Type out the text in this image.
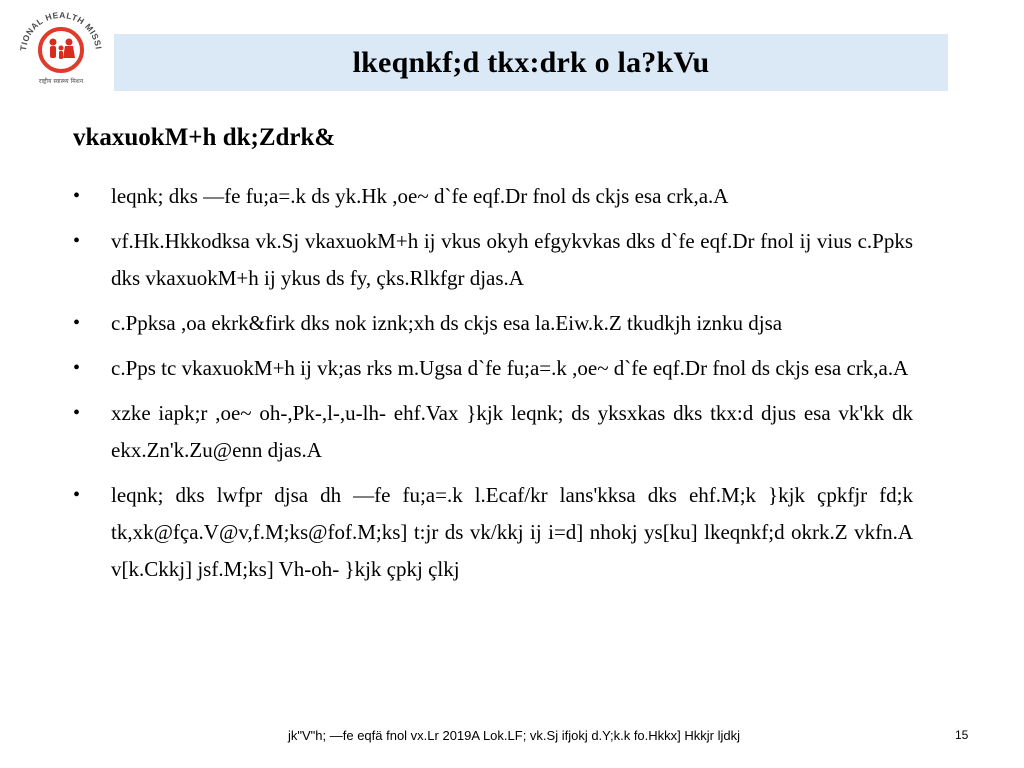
TIONAL HEALTH MISSI
राष्ट्रीय स्वास्थ्य मिशन
lkeqnkf;d tkx:drk o la?kVu
vkaxuokM+h dk;Zdrk&
• leqnk; dks —fe fu;a=.k ds yk.Hk ,oe~ d`fe eqf.Dr fnol ds ckjs esa crk,a.A
• vf.Hk.Hkkodksa vk.Sj vkaxuokM+h ij vkus okyh efgykvkas dks d`fe eqf.Dr fnol ij vius c.Ppks dks vkaxuokM+h ij ykus ds fy, çks.Rlkfgr djas.A
• c.Ppksa ,oa ekrk&firk dks nok iznk;xh ds ckjs esa la.Eiw.k.Z tkudkjh iznku djsa
• c.Pps tc vkaxuokM+h ij vk;as rks m.Ugsa d`fe fu;a=.k ,oe~ d`fe eqf.Dr fnol ds ckjs esa crk,a.A
• xzke iapk;r ,oe~ oh-,Pk-,l-,u-lh- ehf.Vax }kjk leqnk; ds yksxkas dks tkx:d djus esa vk'kk dk ekx.Zn'k.Zu@enn djas.A
• leqnk; dks lwfpr djsa dh —fe fu;a=.k l.Ecaf/kr lans'kksa dks ehf.M;k }kjk çpkfjr fd;k tk,xk@fça.V@v,f.M;ks@fof.M;ks] t:jr ds vk/kkj ij i=d] nhokj ys[ku] lkeqnkf;d okrk.Z vkfn.A v[k.Ckkj] jsf.M;ks] Vh-oh- }kjk çpkj çlkj
jk"V"h; —fe eqfä fnol vx.Lr 2019A Lok.LF; vk.Sj ifjokj d.Y;k.k fo.Hkkx] Hkkjr ljdkj	15
